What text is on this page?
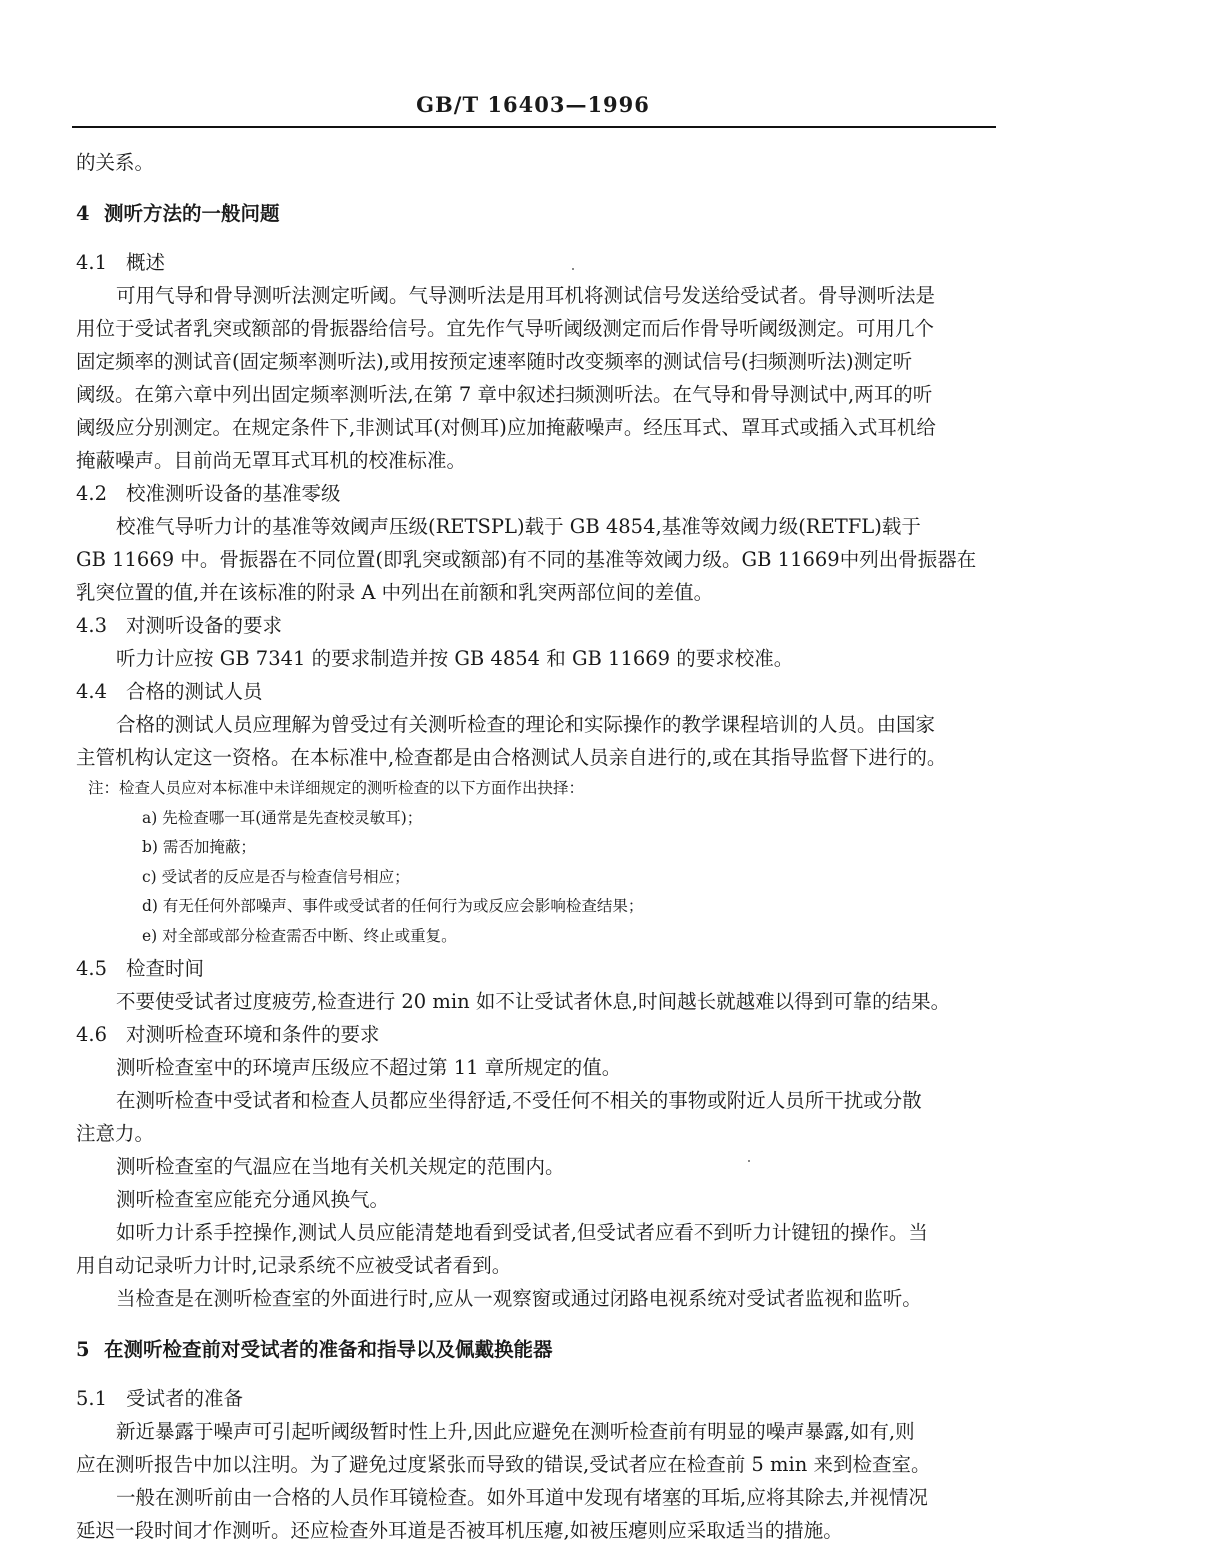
GB/T 16403—1996

的关系。

4 测听方法的一般问题

4.1 概述

可用气导和骨导测听法测定听阈。气导测听法是用耳机将测试信号发送给受试者。骨导测听法是

用位于受试者乳突或额部的骨振器给信号。宜先作气导听阈级测定而后作骨导听阈级测定。可用几个

固定频率的测试音(固定频率测听法),或用按预定速率随时改变频率的测试信号(扫频测听法)测定听

阈级。在第六章中列出固定频率测听法,在第 7 章中叙述扫频测听法。在气导和骨导测试中,两耳的听

阈级应分别测定。在规定条件下,非测试耳(对侧耳)应加掩蔽噪声。经压耳式、罩耳式或插入式耳机给

掩蔽噪声。目前尚无罩耳式耳机的校准标准。

4.2 校准测听设备的基准零级

校准气导听力计的基准等效阈声压级(RETSPL)载于 GB 4854,基准等效阈力级(RETFL)载于

GB 11669 中。骨振器在不同位置(即乳突或额部)有不同的基准等效阈力级。GB 11669中列出骨振器在

乳突位置的值,并在该标准的附录 A 中列出在前额和乳突两部位间的差值。

4.3 对测听设备的要求

听力计应按 GB 7341 的要求制造并按 GB 4854 和 GB 11669 的要求校准。

4.4 合格的测试人员

合格的测试人员应理解为曾受过有关测听检查的理论和实际操作的教学课程培训的人员。由国家

主管机构认定这一资格。在本标准中,检查都是由合格测试人员亲自进行的,或在其指导监督下进行的。

注：检查人员应对本标准中未详细规定的测听检查的以下方面作出抉择：

a) 先检查哪一耳(通常是先查校灵敏耳)；

b) 需否加掩蔽；

c) 受试者的反应是否与检查信号相应；

d) 有无任何外部噪声、事件或受试者的任何行为或反应会影响检查结果；

e) 对全部或部分检查需否中断、终止或重复。

4.5 检查时间

不要使受试者过度疲劳,检查进行 20 min 如不让受试者休息,时间越长就越难以得到可靠的结果。

4.6 对测听检查环境和条件的要求

测听检查室中的环境声压级应不超过第 11 章所规定的值。

在测听检查中受试者和检查人员都应坐得舒适,不受任何不相关的事物或附近人员所干扰或分散

注意力。

测听检查室的气温应在当地有关机关规定的范围内。

测听检查室应能充分通风换气。

如听力计系手控操作,测试人员应能清楚地看到受试者,但受试者应看不到听力计键钮的操作。当

用自动记录听力计时,记录系统不应被受试者看到。

当检查是在测听检查室的外面进行时,应从一观察窗或通过闭路电视系统对受试者监视和监听。

5 在测听检查前对受试者的准备和指导以及佩戴换能器

5.1 受试者的准备

新近暴露于噪声可引起听阈级暂时性上升,因此应避免在测听检查前有明显的噪声暴露,如有,则

应在测听报告中加以注明。为了避免过度紧张而导致的错误,受试者应在检查前 5 min 来到检查室。

一般在测听前由一合格的人员作耳镜检查。如外耳道中发现有堵塞的耳垢,应将其除去,并视情况

延迟一段时间才作测听。还应检查外耳道是否被耳机压瘪,如被压瘪则应采取适当的措施。
